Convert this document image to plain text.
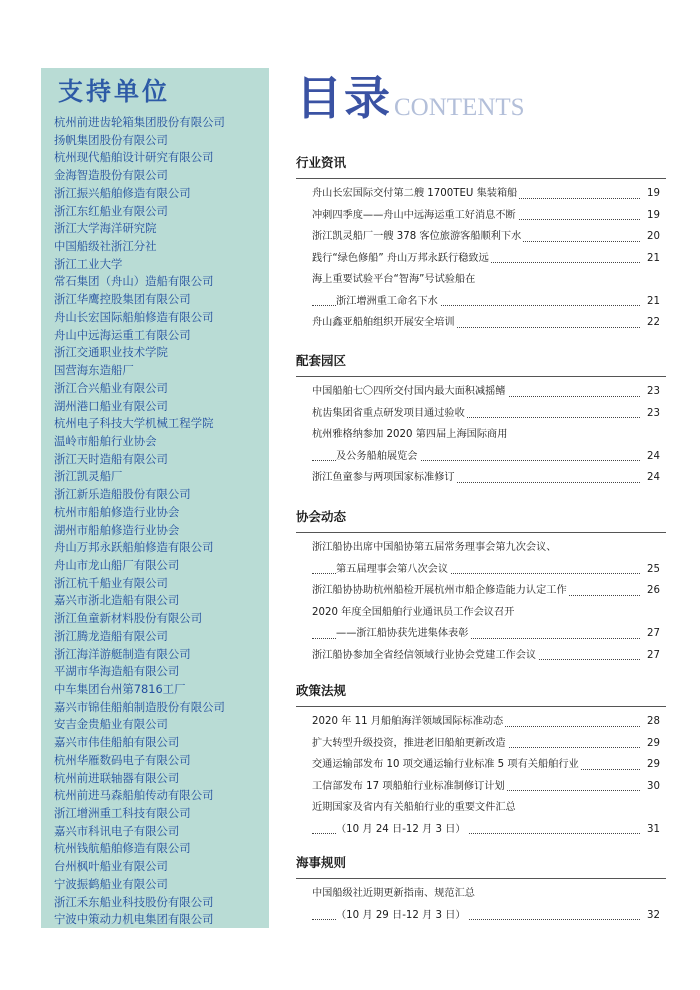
支持单位
杭州前进齿轮箱集团股份有限公司
扬帆集团股份有限公司
杭州现代船舶设计研究有限公司
金海智造股份有限公司
浙江振兴船舶修造有限公司
浙江东红船业有限公司
浙江大学海洋研究院
中国船级社浙江分社
浙江工业大学
常石集团（舟山）造船有限公司
浙江华鹰控股集团有限公司
舟山长宏国际船舶修造有限公司
舟山中远海运重工有限公司
浙江交通职业技术学院
国营海东造船厂
浙江合兴船业有限公司
湖州港口船业有限公司
杭州电子科技大学机械工程学院
温岭市船舶行业协会
浙江天时造船有限公司
浙江凯灵船厂
浙江新乐造船股份有限公司
杭州市船舶修造行业协会
湖州市船舶修造行业协会
舟山万邦永跃船舶修造有限公司
舟山市龙山船厂有限公司
浙江杭千船业有限公司
嘉兴市浙北造船有限公司
浙江鱼童新材料股份有限公司
浙江腾龙造船有限公司
浙江海洋游艇制造有限公司
平湖市华海造船有限公司
中车集团台州第7816工厂
嘉兴市锦佳船舶制造股份有限公司
安吉金贵船业有限公司
嘉兴市伟佳船舶有限公司
杭州华雁数码电子有限公司
杭州前进联轴器有限公司
杭州前进马森船舶传动有限公司
浙江增洲重工科技有限公司
嘉兴市科讯电子有限公司
杭州钱航船舶修造有限公司
台州枫叶船业有限公司
宁波振鹤船业有限公司
浙江禾东船业科技股份有限公司
宁波中策动力机电集团有限公司
目录 CONTENTS
行业资讯
舟山长宏国际交付第二艘 1700TEU 集装箱船	19
冲刺四季度——舟山中远海运重工好消息不断	19
浙江凯灵船厂一艘 378 客位旅游客船顺利下水	20
践行“绿色修船” 舟山万邦永跃行稳致远	21
海上重要试验平台“智海”号试验船在
浙江增洲重工命名下水	21
舟山鑫亚船舶组织开展安全培训	22
配套园区
中国船舶七〇四所交付国内最大面积减摇鳍	23
杭齿集团省重点研发项目通过验收	23
杭州雅格纳参加 2020 第四届上海国际商用
及公务船舶展览会	24
浙江鱼童参与两项国家标准修订	24
协会动态
浙江船协出席中国船协第五届常务理事会第九次会议、
第五届理事会第八次会议	25
浙江船协协助杭州船检开展杭州市船企修造能力认定工作	26
2020 年度全国船舶行业通讯员工作会议召开
——浙江船协获先进集体表彰	27
浙江船协参加全省经信领域行业协会党建工作会议	27
政策法规
2020 年 11 月船舶海洋领域国际标准动态	28
扩大转型升级投资，推进老旧船舶更新改造	29
交通运输部发布 10 项交通运输行业标准 5 项有关船舶行业	29
工信部发布 17 项船舶行业标准制修订计划	30
近期国家及省内有关船舶行业的重要文件汇总
（10 月 24 日-12 月 3 日）	31
海事规则
中国船级社近期更新指南、规范汇总
（10 月 29 日-12 月 3 日）	32
